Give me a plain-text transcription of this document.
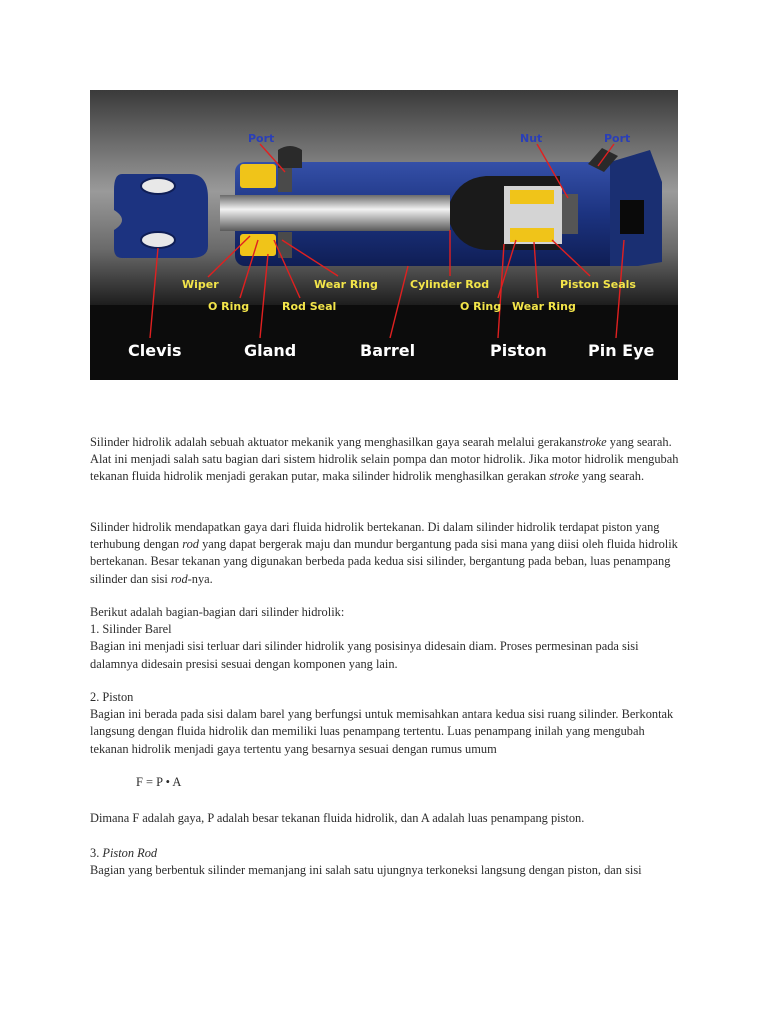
Port	Nut	Port
Wiper
O Ring	Rod Seal
Wear Ring	Cylinder Rod
O Ring Wear Ring
Piston Seals
Clevis	Gland	Barrel	Piston	Pin Eye

Silinder hidrolik adalah sebuah aktuator mekanik yang menghasilkan gaya searah melalui gerakanstroke yang searah. Alat ini menjadi salah satu bagian dari sistem hidrolik selain pompa dan motor hidrolik. Jika motor hidrolik mengubah tekanan fluida hidrolik menjadi gerakan putar, maka silinder hidrolik menghasilkan gerakan stroke yang searah.

Silinder hidrolik mendapatkan gaya dari fluida hidrolik bertekanan. Di dalam silinder hidrolik terdapat piston yang terhubung dengan rod yang dapat bergerak maju dan mundur bergantung pada sisi mana yang diisi oleh fluida hidrolik bertekanan. Besar tekanan yang digunakan berbeda pada kedua sisi silinder, bergantung pada beban, luas penampang silinder dan sisi rod-nya.

Berikut adalah bagian-bagian dari silinder hidrolik:

1. Silinder Barel

Bagian ini menjadi sisi terluar dari silinder hidrolik yang posisinya didesain diam. Proses permesinan pada sisi dalamnya didesain presisi sesuai dengan komponen yang lain.

2. Piston

Bagian ini berada pada sisi dalam barel yang berfungsi untuk memisahkan antara kedua sisi ruang silinder. Berkontak langsung dengan fluida hidrolik dan memiliki luas penampang tertentu. Luas penampang inilah yang mengubah tekanan hidrolik menjadi gaya tertentu yang besarnya sesuai dengan rumus umum

F = P • A

Dimana F adalah gaya, P adalah besar tekanan fluida hidrolik, dan A adalah luas penampang piston.

3. Piston Rod

Bagian yang berbentuk silinder memanjang ini salah satu ujungnya terkoneksi langsung dengan piston, dan sisi
